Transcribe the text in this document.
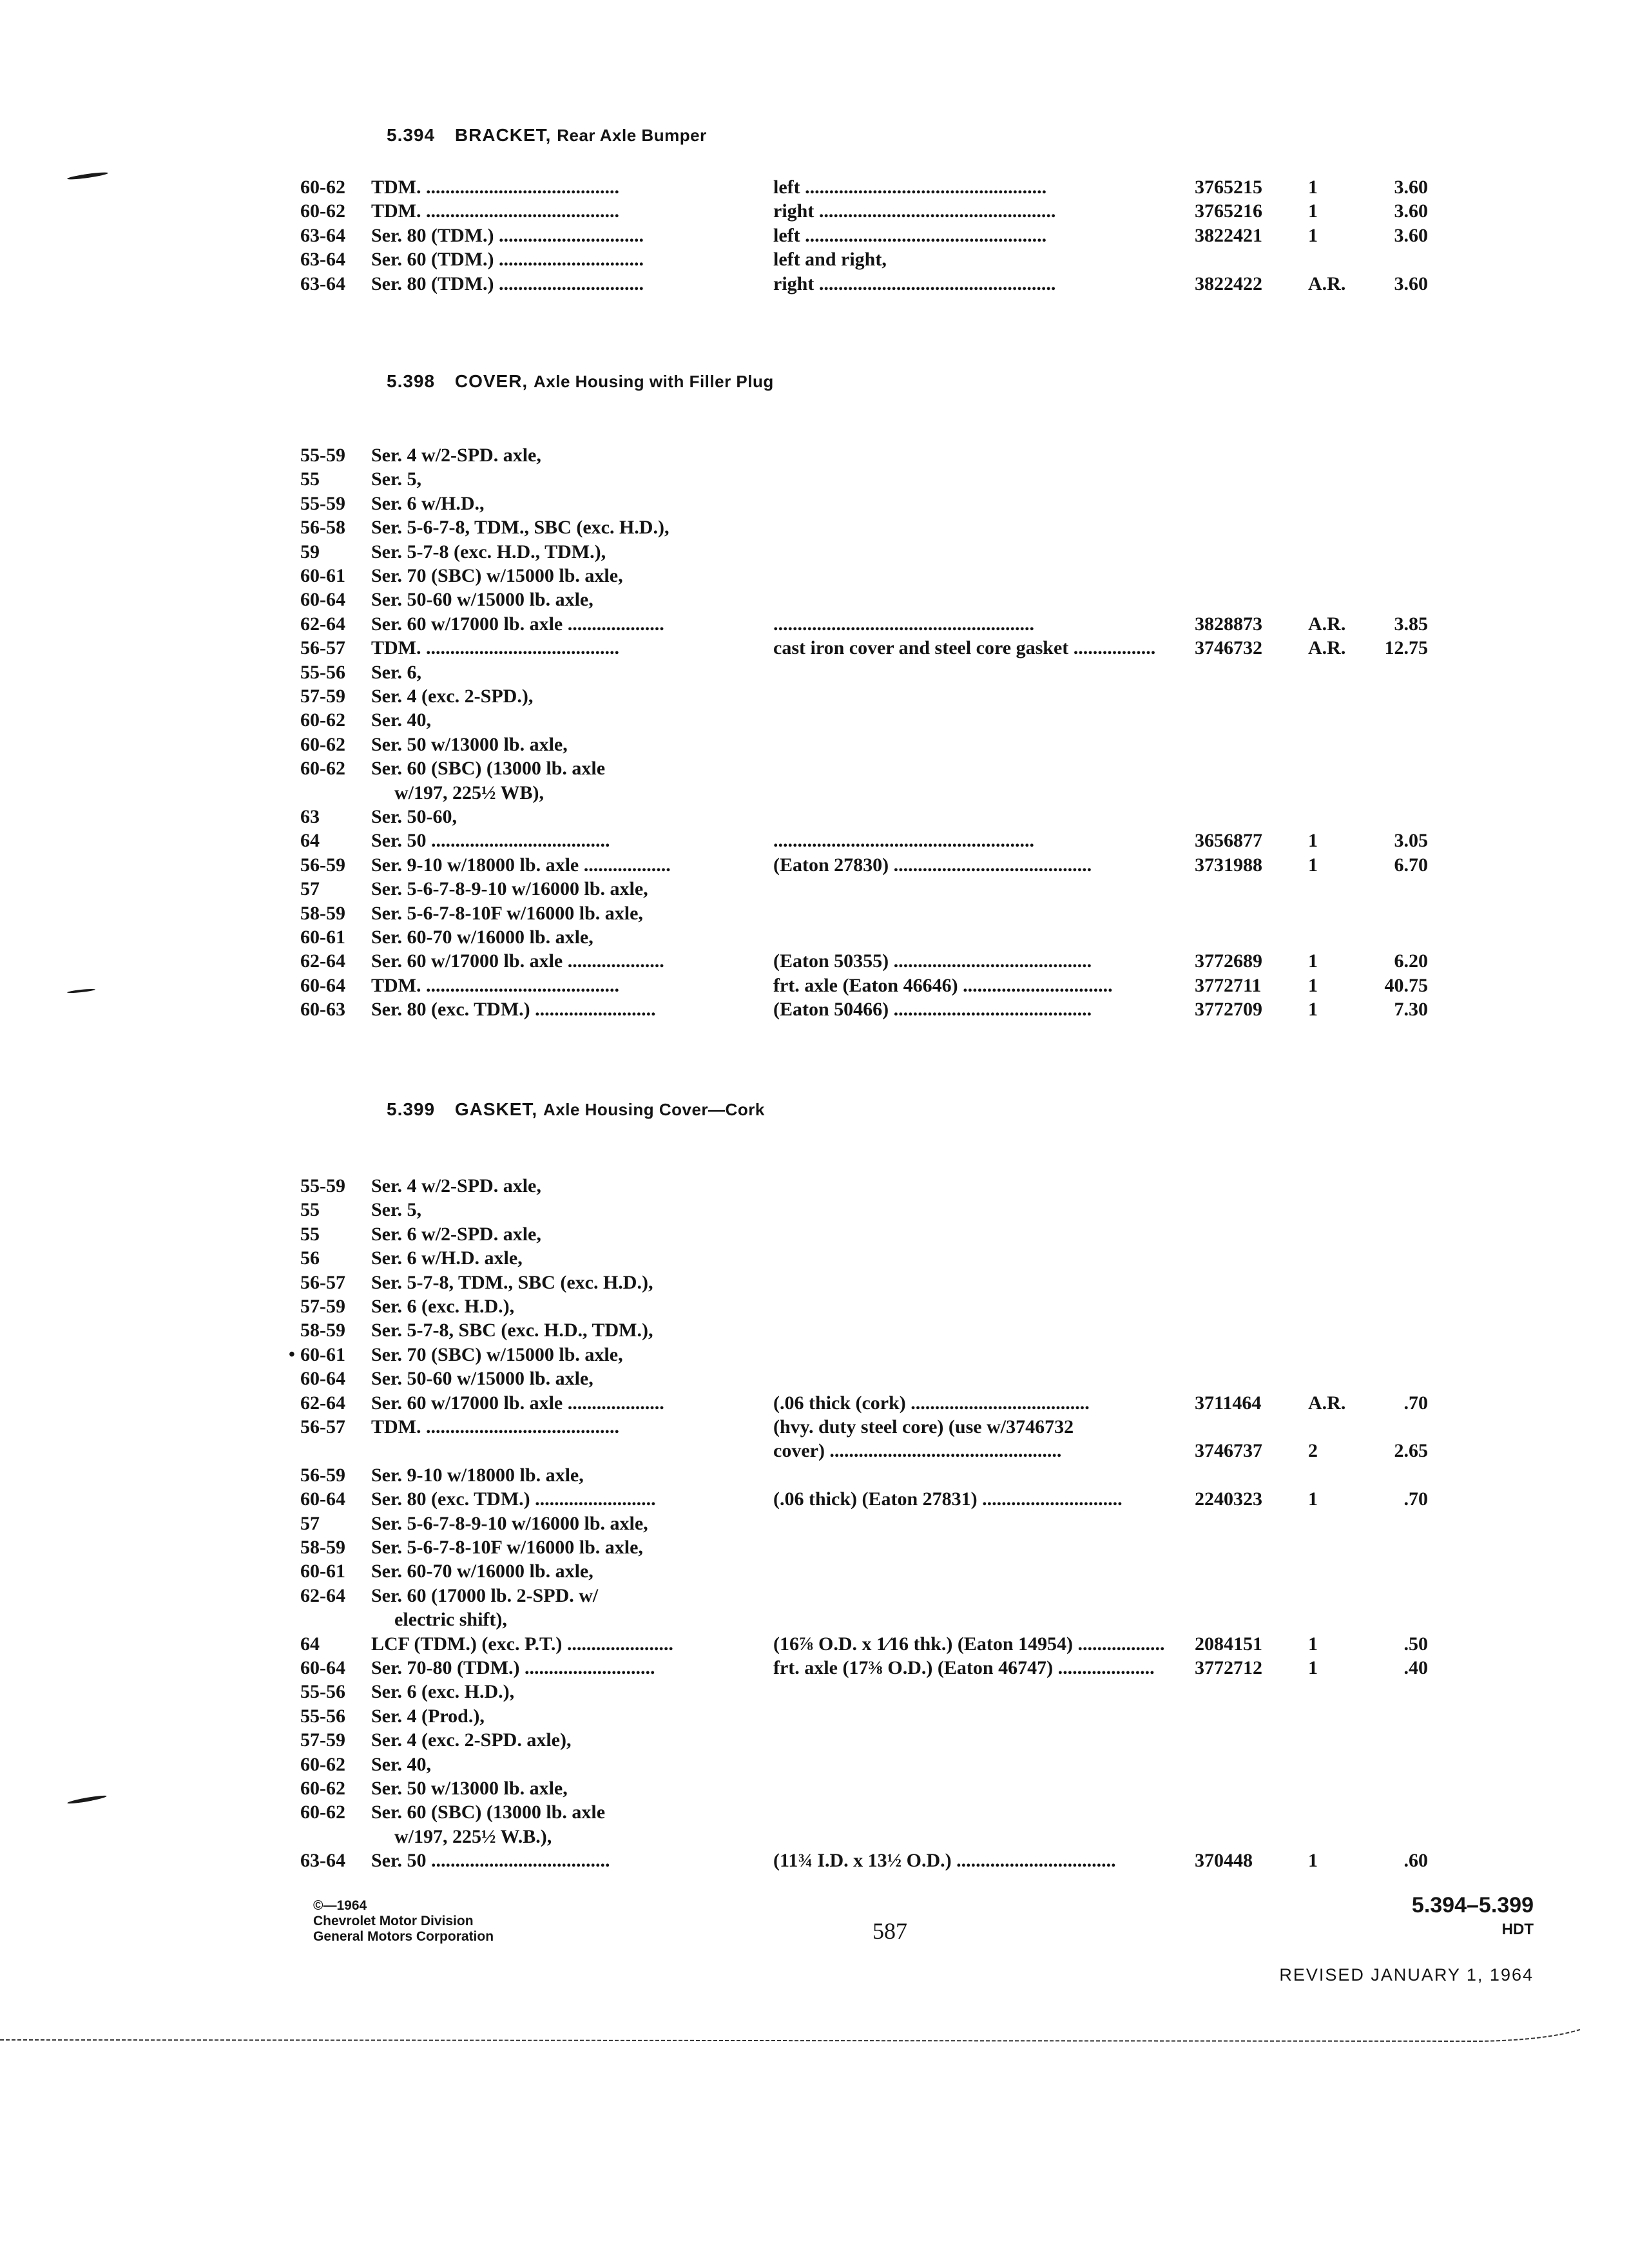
5.394 BRACKET, Rear Axle Bumper
60-62 TDM. ........................................	left ..................................................	3765215 1	3.60
60-62 TDM. ........................................	right .................................................	3765216 1	3.60
63-64 Ser. 80 (TDM.) ..............................	left ..................................................	3822421 1	3.60
63-64 Ser. 60 (TDM.) ..............................	left and right,
63-64 Ser. 80 (TDM.) ..............................	right .................................................	3822422 A.R.	3.60
5.398 COVER, Axle Housing with Filler Plug
55-59 Ser. 4 w/2-SPD. axle,
55	Ser. 5,
55-59 Ser. 6 w/H.D.,
56-58 Ser. 5-6-7-8, TDM., SBC (exc. H.D.),
59	Ser. 5-7-8 (exc. H.D., TDM.),
60-61 Ser. 70 (SBC) w/15000 lb. axle,
60-64 Ser. 50-60 w/15000 lb. axle,
62-64 Ser. 60 w/17000 lb. axle ....................	......................................................	3828873 A.R.	3.85
56-57 TDM. ........................................	cast iron cover and steel core gasket .................	3746732 A.R. 12.75
55-56 Ser. 6,
57-59 Ser. 4 (exc. 2-SPD.),
60-62 Ser. 40,
60-62 Ser. 50 w/13000 lb. axle,
60-62 Ser. 60 (SBC) (13000 lb. axle
w/197, 225½ WB),
63	Ser. 50-60,
64	Ser. 50 .....................................	......................................................	3656877 1	3.05
56-59 Ser. 9-10 w/18000 lb. axle ..................	(Eaton 27830) .........................................	3731988 1	6.70
57	Ser. 5-6-7-8-9-10 w/16000 lb. axle,
58-59 Ser. 5-6-7-8-10F w/16000 lb. axle,
60-61 Ser. 60-70 w/16000 lb. axle,
62-64 Ser. 60 w/17000 lb. axle ....................	(Eaton 50355) .........................................	3772689 1	6.20
60-64 TDM. ........................................	frt. axle (Eaton 46646) ...............................	3772711 1	40.75
60-63 Ser. 80 (exc. TDM.) .........................	(Eaton 50466) .........................................	3772709 1	7.30
5.399 GASKET, Axle Housing Cover—Cork
55-59 Ser. 4 w/2-SPD. axle,
55	Ser. 5,
55	Ser. 6 w/2-SPD. axle,
56	Ser. 6 w/H.D. axle,
56-57 Ser. 5-7-8, TDM., SBC (exc. H.D.),
57-59 Ser. 6 (exc. H.D.),
58-59 Ser. 5-7-8, SBC (exc. H.D., TDM.),
• 60-61 Ser. 70 (SBC) w/15000 lb. axle,
60-64 Ser. 50-60 w/15000 lb. axle,
62-64 Ser. 60 w/17000 lb. axle ....................	(.06 thick (cork) .....................................	3711464 A.R.	.70
56-57 TDM. ........................................	(hvy. duty steel core) (use w/3746732
cover) ................................................	3746737 2	2.65
56-59 Ser. 9-10 w/18000 lb. axle,
60-64 Ser. 80 (exc. TDM.) .........................	(.06 thick) (Eaton 27831) .............................	2240323 1	.70
57	Ser. 5-6-7-8-9-10 w/16000 lb. axle,
58-59 Ser. 5-6-7-8-10F w/16000 lb. axle,
60-61 Ser. 60-70 w/16000 lb. axle,
62-64 Ser. 60 (17000 lb. 2-SPD. w/
electric shift),
64	LCF (TDM.) (exc. P.T.) ......................	(16⅞ O.D. x 1⁄16 thk.) (Eaton 14954) .................. 2084151 1	.50
60-64 Ser. 70-80 (TDM.) ...........................	frt. axle (17⅜ O.D.) (Eaton 46747) ....................	3772712 1	.40
55-56 Ser. 6 (exc. H.D.),
55-56 Ser. 4 (Prod.),
57-59 Ser. 4 (exc. 2-SPD. axle),
60-62 Ser. 40,
60-62 Ser. 50 w/13000 lb. axle,
60-62 Ser. 60 (SBC) (13000 lb. axle
w/197, 225½ W.B.),
63-64 Ser. 50 .....................................	(11¾ I.D. x 13½ O.D.) .................................	370448	1	.60
©—1964
Chevrolet Motor Division
General Motors Corporation	587
5.394–5.399
HDT
REVISED JANUARY 1, 1964
